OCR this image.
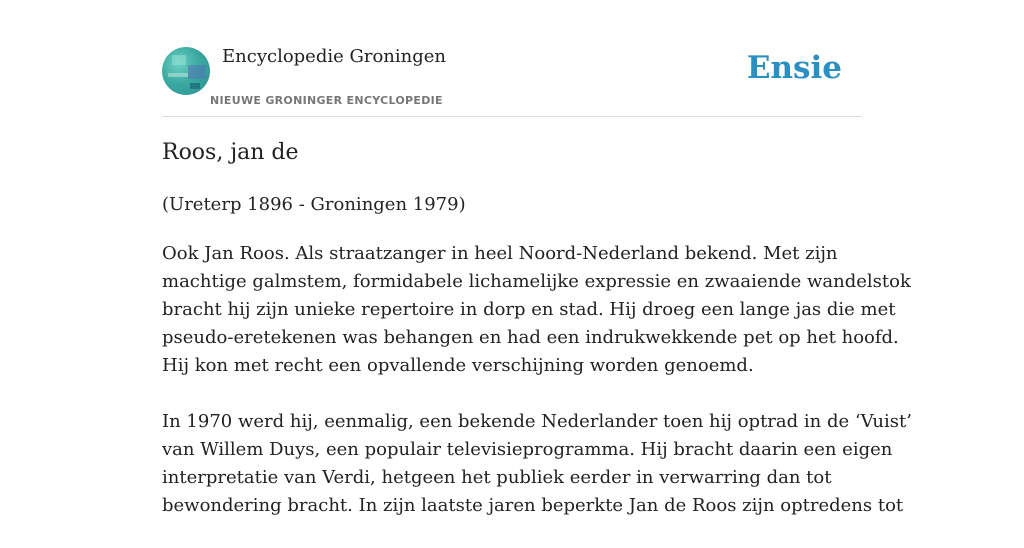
Encyclopedie Groningen
NIEUWE GRONINGER ENCYCLOPEDIE
Ensie
Roos, jan de

(Ureterp 1896 - Groningen 1979)

Ook Jan Roos. Als straatzanger in heel Noord-Nederland bekend. Met zijn
machtige galmstem, formidabele lichamelijke expressie en zwaaiende wandelstok
bracht hij zijn unieke repertoire in dorp en stad. Hij droeg een lange jas die met
pseudo-eretekenen was behangen en had een indrukwekkende pet op het hoofd.
Hij kon met recht een opvallende verschijning worden genoemd.

In 1970 werd hij, eenmalig, een bekende Nederlander toen hij optrad in de ‘Vuist’
van Willem Duys, een populair televisieprogramma. Hij bracht daarin een eigen
interpretatie van Verdi, hetgeen het publiek eerder in verwarring dan tot
bewondering bracht. In zijn laatste jaren beperkte Jan de Roos zijn optredens tot
